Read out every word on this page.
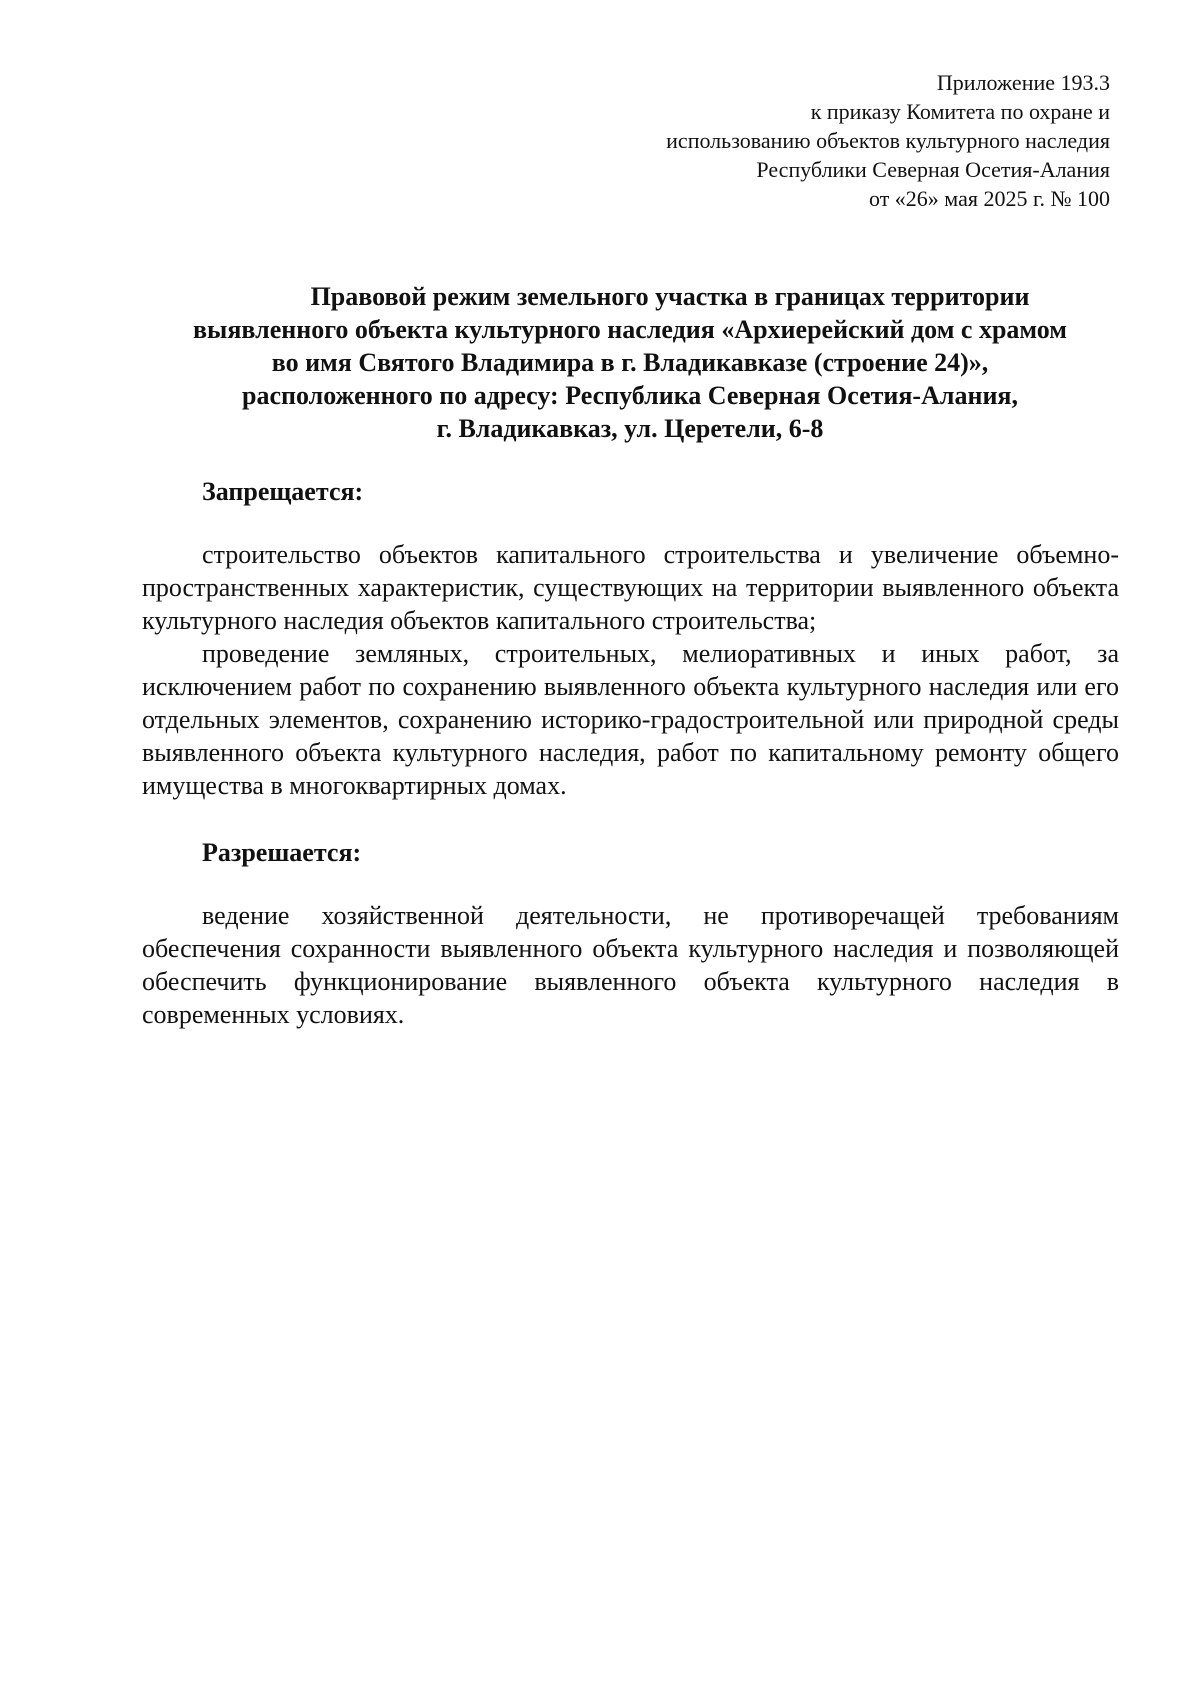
Приложение 193.3
к приказу Комитета по охране и
использованию объектов культурного наследия
Республики Северная Осетия-Алания
от «26» мая 2025 г. № 100
Правовой режим земельного участка в границах территории
выявленного объекта культурного наследия «Архиерейский дом с храмом
во имя Святого Владимира в г. Владикавказе (строение 24)»,
расположенного по адресу: Республика Северная Осетия-Алания,
г. Владикавказ, ул. Церетели, 6-8
Запрещается:

строительство объектов капитального строительства и увеличение объемно-пространственных характеристик, существующих на территории выявленного объекта культурного наследия объектов капитального строительства;

проведение земляных, строительных, мелиоративных и иных работ, за исключением работ по сохранению выявленного объекта культурного наследия или его отдельных элементов, сохранению историко-градостроительной или природной среды выявленного объекта культурного наследия, работ по капитальному ремонту общего имущества в многоквартирных домах.

Разрешается:

ведение хозяйственной деятельности, не противоречащей требованиям обеспечения сохранности выявленного объекта культурного наследия и позволяющей обеспечить функционирование выявленного объекта культурного наследия в современных условиях.
